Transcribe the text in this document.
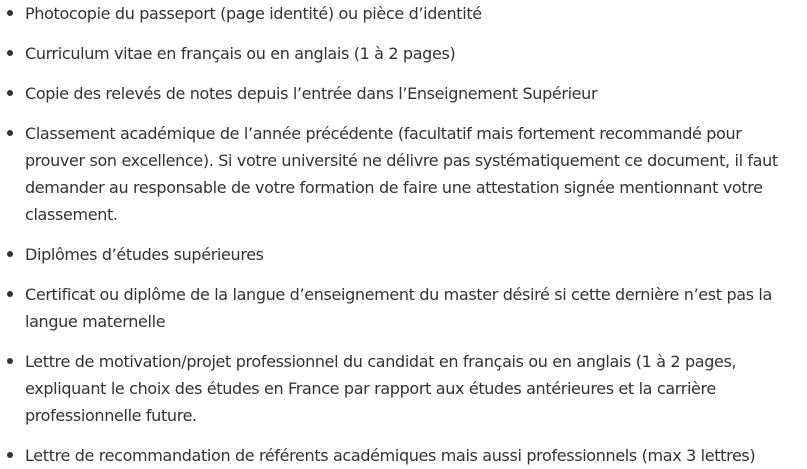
Photocopie du passeport (page identité) ou pièce d’identité
Curriculum vitae en français ou en anglais (1 à 2 pages)
Copie des relevés de notes depuis l’entrée dans l’Enseignement Supérieur
Classement académique de l’année précédente (facultatif mais fortement recommandé pour prouver son excellence). Si votre université ne délivre pas systématiquement ce document, il faut demander au responsable de votre formation de faire une attestation signée mentionnant votre classement.
Diplômes d’études supérieures
Certificat ou diplôme de la langue d’enseignement du master désiré si cette dernière n’est pas la langue maternelle
Lettre de motivation/projet professionnel du candidat en français ou en anglais (1 à 2 pages, expliquant le choix des études en France par rapport aux études antérieures et la carrière professionnelle future.
Lettre de recommandation de référents académiques mais aussi professionnels (max 3 lettres)
